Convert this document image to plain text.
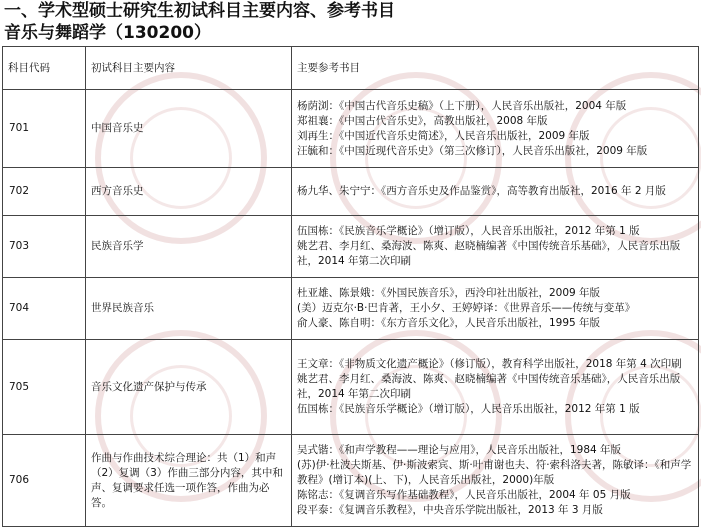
一、学术型硕士研究生初试科目主要内容、参考书目
音乐与舞蹈学（130200）
科目代码	初试科目主要内容	主要参考书目
701	中国音乐史	杨荫浏：《中国古代音乐史稿》（上下册），人民音乐出版社，2004 年版
郑祖襄：《中国古代音乐史》，高教出版社，2008 年版
刘再生：《中国近代音乐史简述》，人民音乐出版社，2009 年版
汪毓和：《中国近现代音乐史》（第三次修订），人民音乐出版社，2009 年版

702	西方音乐史	杨九华、朱宁宁：《西方音乐史及作品鉴赏》，高等教育出版社，2016 年 2 月版

703	民族音乐学	伍国栋：《民族音乐学概论》（增订版），人民音乐出版社，2012 年第 1 版
姚艺君、李月红、桑海波、陈爽、赵晓楠编著《中国传统音乐基础》，人民音乐出版社，2014 年第二次印刷

704	世界民族音乐	杜亚雄、陈景娥：《外国民族音乐》，西泠印社出版社，2009 年版
(美）迈克尔·B·巴肯著，王小夕、王婷婷译：《世界音乐——传统与变革》
俞人豪、陈自明：《东方音乐文化》，人民音乐出版社，1995 年版

705	音乐文化遗产保护与传承	王文章：《非物质文化遗产概论》（修订版），教育科学出版社，2018 年第 4 次印刷
姚艺君、李月红、桑海波、陈爽、赵晓楠编著《中国传统音乐基础》，人民音乐出版社，2014 年第二次印刷
伍国栋：《民族音乐学概论》（增订版），人民音乐出版社，2012 年第 1 版

706	作曲与作曲技术综合理论：共（1）和声（2）复调（3）作曲三部分内容，其中和声、复调要求任选一项作答，作曲为必答。	吴式锴：《和声学教程——理论与应用》，人民音乐出版社，1984 年版
(苏)伊·杜波夫斯基、伊·斯波索宾、斯·叶甫谢也夫、符·索科洛夫著，陈敏译：《和声学教程》(增订本)(上、下)，人民音乐出版社，2000)年版
陈铭志：《复调音乐写作基础教程》，人民音乐出版社，2004 年 05 月版
段平泰：《复调音乐教程》，中央音乐学院出版社，2013 年 3 月版
